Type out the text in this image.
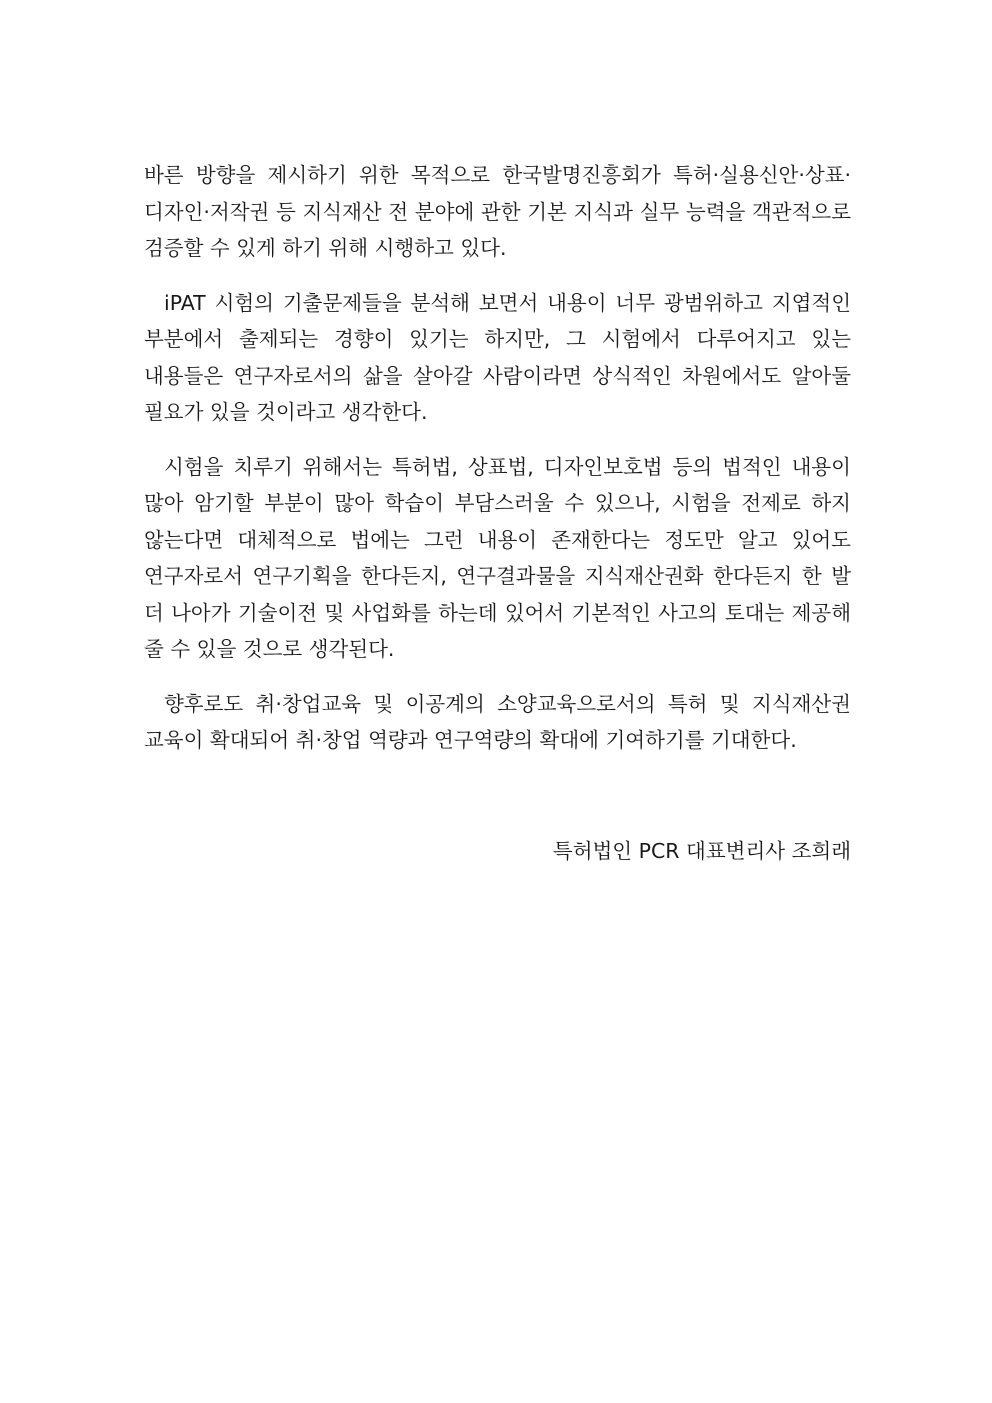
바른 방향을 제시하기 위한 목적으로 한국발명진흥회가 특허·실용신안·상표·디자인·저작권 등 지식재산 전 분야에 관한 기본 지식과 실무 능력을 객관적으로 검증할 수 있게 하기 위해 시행하고 있다.

iPAT 시험의 기출문제들을 분석해 보면서 내용이 너무 광범위하고 지엽적인 부분에서 출제되는 경향이 있기는 하지만, 그 시험에서 다루어지고 있는 내용들은 연구자로서의 삶을 살아갈 사람이라면 상식적인 차원에서도 알아둘 필요가 있을 것이라고 생각한다.

시험을 치루기 위해서는 특허법, 상표법, 디자인보호법 등의 법적인 내용이 많아 암기할 부분이 많아 학습이 부담스러울 수 있으나, 시험을 전제로 하지 않는다면 대체적으로 법에는 그런 내용이 존재한다는 정도만 알고 있어도 연구자로서 연구기획을 한다든지, 연구결과물을 지식재산권화 한다든지 한 발 더 나아가 기술이전 및 사업화를 하는데 있어서 기본적인 사고의 토대는 제공해 줄 수 있을 것으로 생각된다.

향후로도 취·창업교육 및 이공계의 소양교육으로서의 특허 및 지식재산권 교육이 확대되어 취·창업 역량과 연구역량의 확대에 기여하기를 기대한다.

특허법인 PCR 대표변리사 조희래
